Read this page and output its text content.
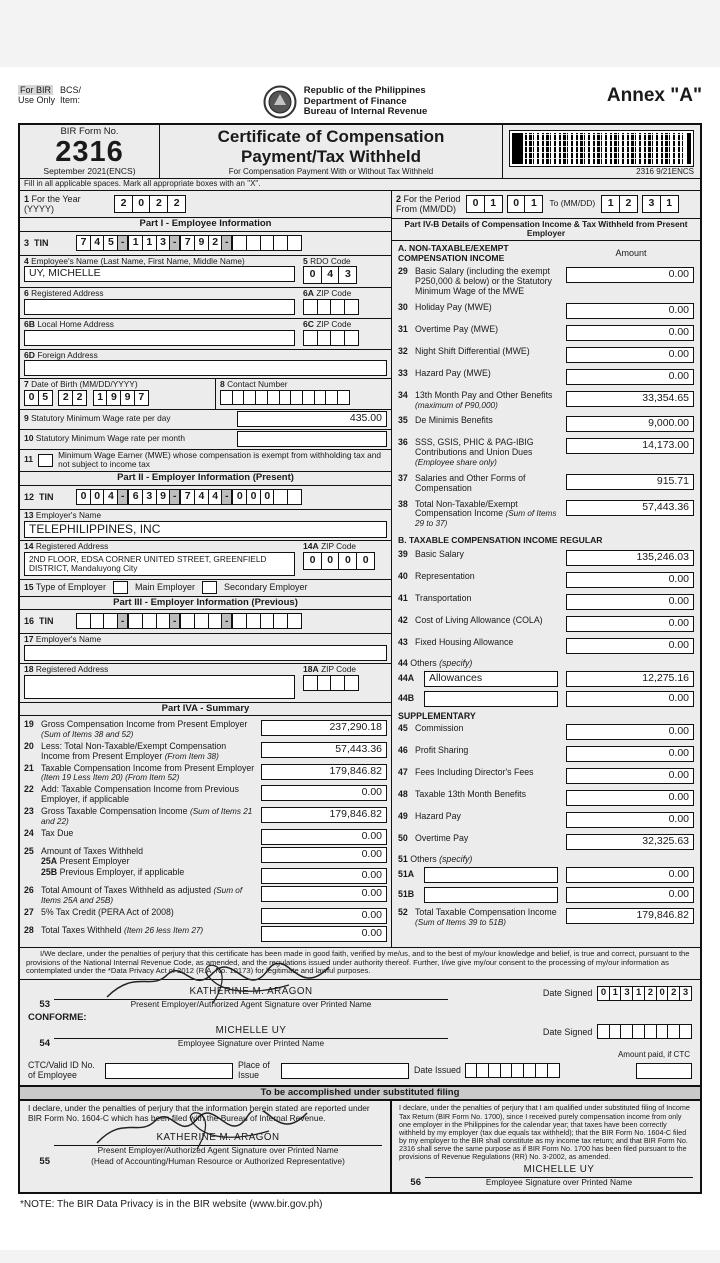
For BIR
Use Only
BCS/
Item:
Republic of the Philippines
Department of Finance
Bureau of Internal Revenue
Annex "A"
BIR Form No.
2316
September 2021(ENCS)
Certificate of Compensation
Payment/Tax Withheld
For Compensation Payment With or Without Tax Withheld	2316 9/21ENCS
Fill in all applicable spaces. Mark all appropriate boxes with an "X".
1 For the Year
(YYYY)	2	0	2	2
Part I - Employee Information
3 TIN	7 4 5 - 1 1 3 - 7 9 2 -
4 Employee's Name (Last Name, First Name, Middle Name)
UY, MICHELLE
5 RDO Code
0	4	3
6 Registered Address	6A ZIP Code
6B Local Home Address	6C ZIP Code
6D Foreign Address
7 Date of Birth (MM/DD/YYYY)
0 5
	2 2
	1 9 9 7
8 Contact Number
9 Statutory Minimum Wage rate per day	435.00
10 Statutory Minimum Wage rate per month
11	Minimum Wage Earner (MWE) whose compensation is exempt from withholding tax and not subject to income tax
Part II - Employer Information (Present)
12 TIN	0 0 4 - 6 3 9 - 7 4 4 - 0 0 0
13 Employer's Name
TELEPHILIPPINES, INC
14 Registered Address
2ND FLOOR, EDSA CORNER UNITED STREET, GREENFIELD DISTRICT, Mandaluyong City
14A ZIP Code
0	0	0	0
15 Type of Employer	Main Employer	Secondary Employer
Part III - Employer Information (Previous)
16 TIN	-	-	-
17 Employer's Name
18 Registered Address	18A ZIP Code
Part IVA - Summary
19 Gross Compensation Income from Present Employer (Sum of Items 38 and 52)
237,290.18
20 Less: Total Non-Taxable/Exempt Compensation Income from Present Employer (From Item 38)
57,443.36
21 Taxable Compensation Income from Present Employer (Item 19 Less Item 20) (From Item 52)
179,846.82
22 Add: Taxable Compensation Income from Previous Employer, if applicable
0.00
23 Gross Taxable Compensation Income (Sum of Items 21 and 22)
179,846.82
24 Tax Due	0.00
25 Amount of Taxes Withheld
25A Present Employer
0.00
25B Previous Employer, if applicable	0.00
26 Total Amount of Taxes Withheld as adjusted (Sum of Items 25A and 25B)
0.00
27 5% Tax Credit (PERA Act of 2008)	0.00
28 Total Taxes Withheld (Item 26 less Item 27)	0.00
2 For the Period
From (MM/DD)	0	1	0	1	To (MM/DD)	1	2	3	1
Part IV-B Details of Compensation Income & Tax Withheld from Present Employer
A. NON-TAXABLE/EXEMPT COMPENSATION INCOME	Amount
29 Basic Salary (including the exempt P250,000 & below) or the Statutory Minimum Wage of the MWE
0.00
30 Holiday Pay (MWE)	0.00
31 Overtime Pay (MWE)	0.00
32 Night Shift Differential (MWE)	0.00
33 Hazard Pay (MWE)	0.00
34 13th Month Pay and Other Benefits
(maximum of P90,000)
33,354.65
35 De Minimis Benefits	9,000.00
36 SSS, GSIS, PHIC & PAG-IBIG Contributions and Union Dues (Employee share only)
14,173.00
37 Salaries and Other Forms of Compensation
915.71
38 Total Non-Taxable/Exempt Compensation Income (Sum of Items 29 to 37)
57,443.36
B. TAXABLE COMPENSATION INCOME REGULAR
39 Basic Salary	135,246.03
40 Representation	0.00
41 Transportation	0.00
42 Cost of Living Allowance (COLA)	0.00
43 Fixed Housing Allowance	0.00
44 Others (specify)
44A	Allowances	12,275.16
44B	0.00
SUPPLEMENTARY
45 Commission	0.00
46 Profit Sharing	0.00
47 Fees Including Director's Fees	0.00
48 Taxable 13th Month Benefits	0.00
49 Hazard Pay	0.00
50 Overtime Pay	32,325.63
51 Others (specify)
51A	0.00
51B	0.00
52 Total Taxable Compensation Income
(Sum of Items 39 to 51B)
179,846.82
I/We declare, under the penalties of perjury that this certificate has been made in good faith, verified by me/us, and to the best of my/our knowledge and belief, is true and correct, pursuant to the provisions of the National Internal Revenue Code, as amended, and the regulations issued under authority thereof. Further, I/we give my/our consent to the processing of my/our information as contemplated under the *Data Privacy Act of 2012 (R.A. No. 10173) for legitimate and lawful purposes.
53
KATHERINE M. ARAGON
Present Employer/Authorized Agent Signature over Printed Name
Date Signed 0 1 3 1 2 0 2 3
CONFORME:
54
MICHELLE UY
Employee Signature over Printed Name
Date Signed
Amount paid, if CTC
CTC/Valid ID No.
of Employee
Place of
Issue	Date Issued
To be accomplished under substituted filing
I declare, under the penalties of perjury that the information herein stated are reported under BIR Form No. 1604-C which has been filed with the Bureau of Internal Revenue.
55
KATHERINE M. ARAGON
Present Employer/Authorized Agent Signature over Printed Name
(Head of Accounting/Human Resource or Authorized Representative)
I declare, under the penalties of perjury that I am qualified under substituted filing of Income Tax Return (BIR Form No. 1700), since I received purely compensation income from only one employer in the Philippines for the calendar year; that taxes have been correctly withheld by my employer (tax due equals tax withheld); that the BIR Form No. 1604-C filed by my employer to the BIR shall constitute as my income tax return; and that BIR Form No. 2316 shall serve the same purpose as if BIR Form No. 1700 has been filed pursuant to the provisions of Revenue Regulations (RR) No. 3-2002, as amended.
56
MICHELLE UY
Employee Signature over Printed Name
*NOTE: The BIR Data Privacy is in the BIR website (www.bir.gov.ph)
